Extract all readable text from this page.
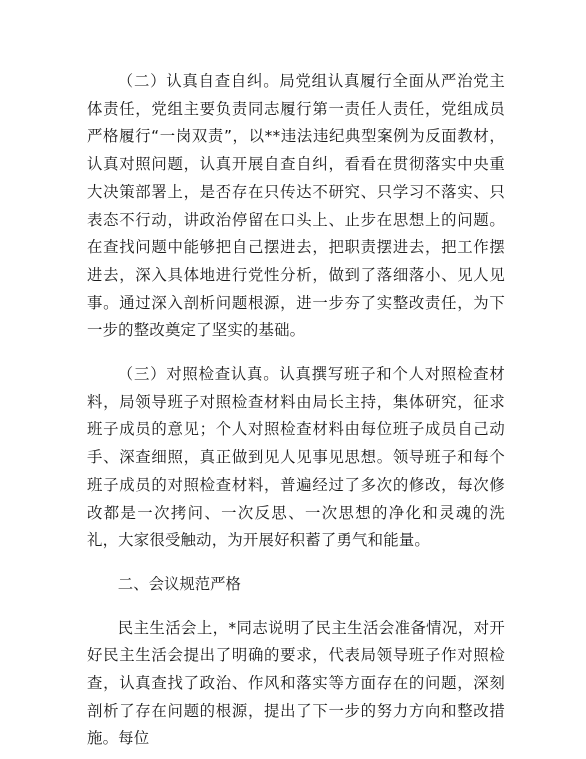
（二）认真自查自纠。局党组认真履行全面从严治党主体责任，党组主要负责同志履行第一责任人责任，党组成员严格履行“一岗双责”，以**违法违纪典型案例为反面教材，认真对照问题，认真开展自查自纠，看看在贯彻落实中央重大决策部署上，是否存在只传达不研究、只学习不落实、只表态不行动，讲政治停留在口头上、止步在思想上的问题。在查找问题中能够把自己摆进去，把职责摆进去，把工作摆进去，深入具体地进行党性分析，做到了落细落小、见人见事。通过深入剖析问题根源，进一步夯了实整改责任，为下一步的整改奠定了坚实的基础。

（三）对照检查认真。认真撰写班子和个人对照检查材料，局领导班子对照检查材料由局长主持，集体研究，征求班子成员的意见；个人对照检查材料由每位班子成员自己动手、深查细照，真正做到见人见事见思想。领导班子和每个班子成员的对照检查材料，普遍经过了多次的修改，每次修改都是一次拷问、一次反思、一次思想的净化和灵魂的洗礼，大家很受触动，为开展好积蓄了勇气和能量。

二、会议规范严格

民主生活会上，*同志说明了民主生活会准备情况，对开好民主生活会提出了明确的要求，代表局领导班子作对照检查，认真查找了政治、作风和落实等方面存在的问题，深刻剖析了存在问题的根源，提出了下一步的努力方向和整改措施。每位
